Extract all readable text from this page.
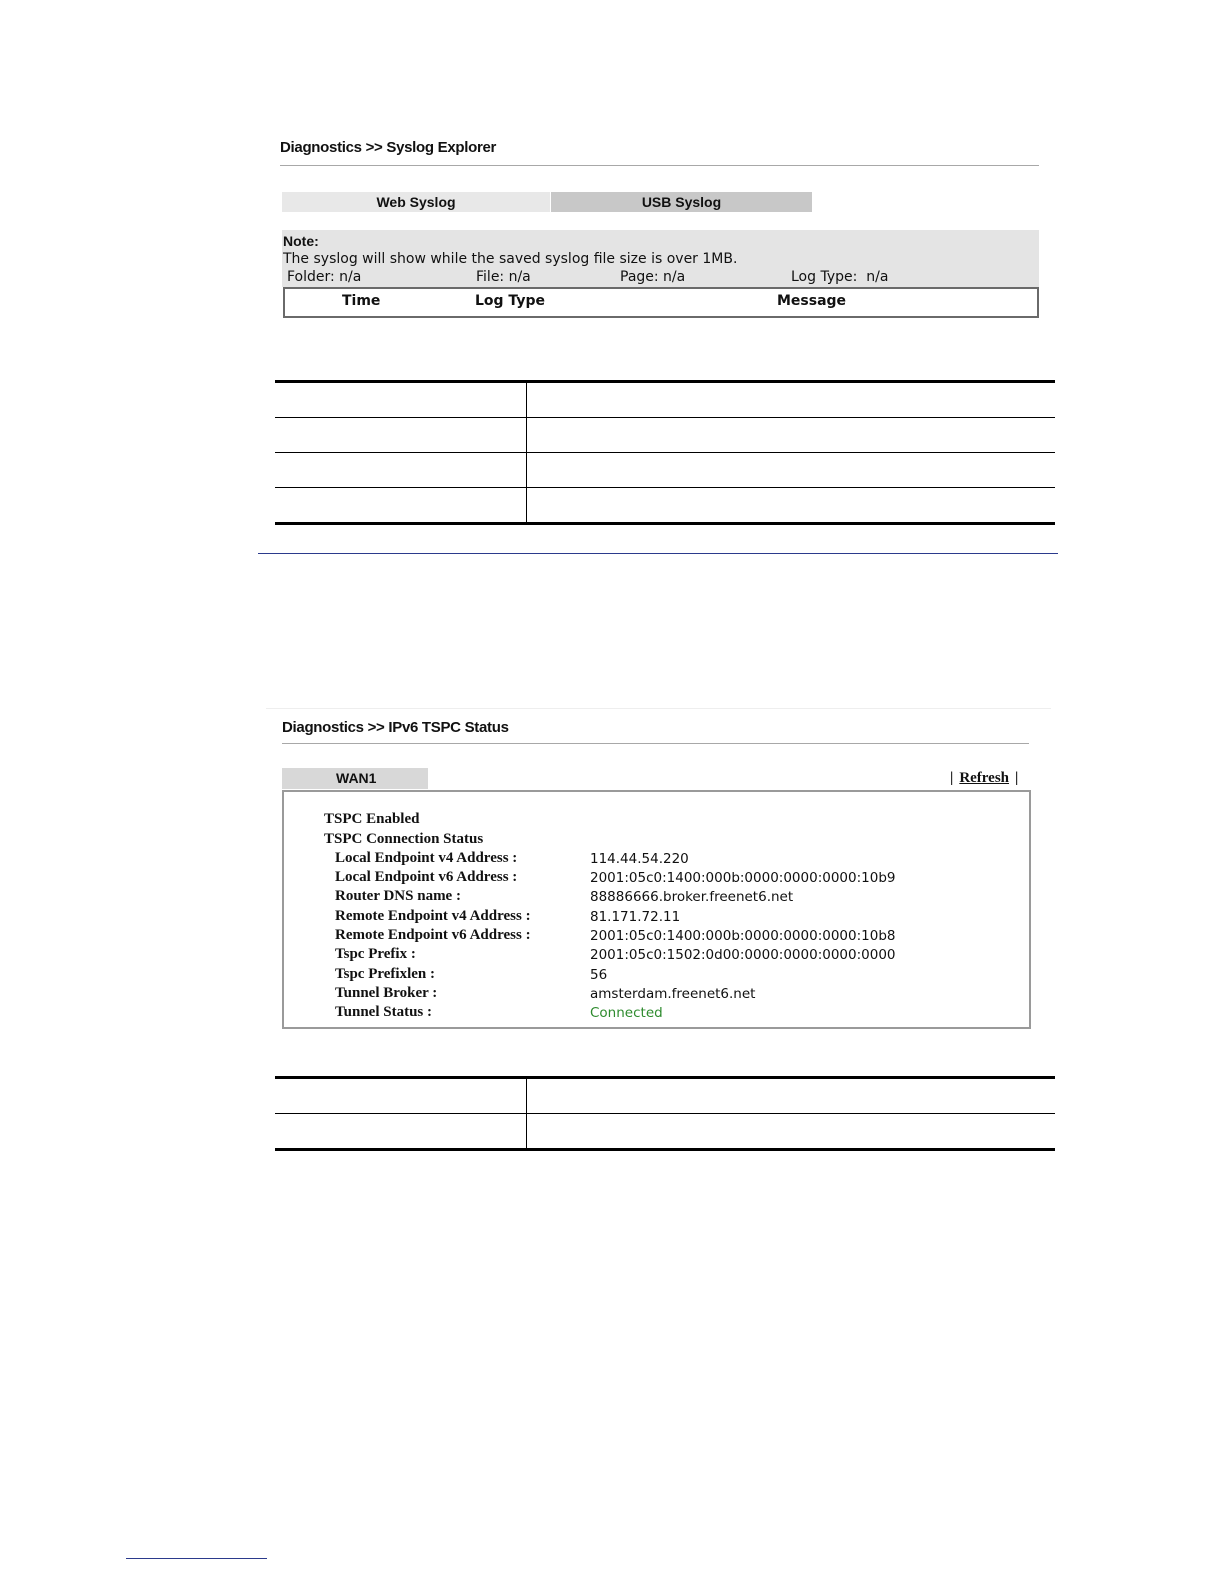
Diagnostics >> Syslog Explorer
Web Syslog	USB Syslog
Note:
The syslog will show while the saved syslog file size is over 1MB.
Folder: n/a	File: n/a	Page: n/a	Log Type:  n/a
Time	Log Type	Message
Diagnostics >> IPv6 TSPC Status
WAN1	| Refresh |
TSPC Enabled
TSPC Connection Status
Local Endpoint v4 Address :	114.44.54.220
Local Endpoint v6 Address :	2001:05c0:1400:000b:0000:0000:0000:10b9
Router DNS name :	88886666.broker.freenet6.net
Remote Endpoint v4 Address :	81.171.72.11
Remote Endpoint v6 Address :	2001:05c0:1400:000b:0000:0000:0000:10b8
Tspc Prefix :	2001:05c0:1502:0d00:0000:0000:0000:0000
Tspc Prefixlen :	56
Tunnel Broker :	amsterdam.freenet6.net
Tunnel Status :	Connected
